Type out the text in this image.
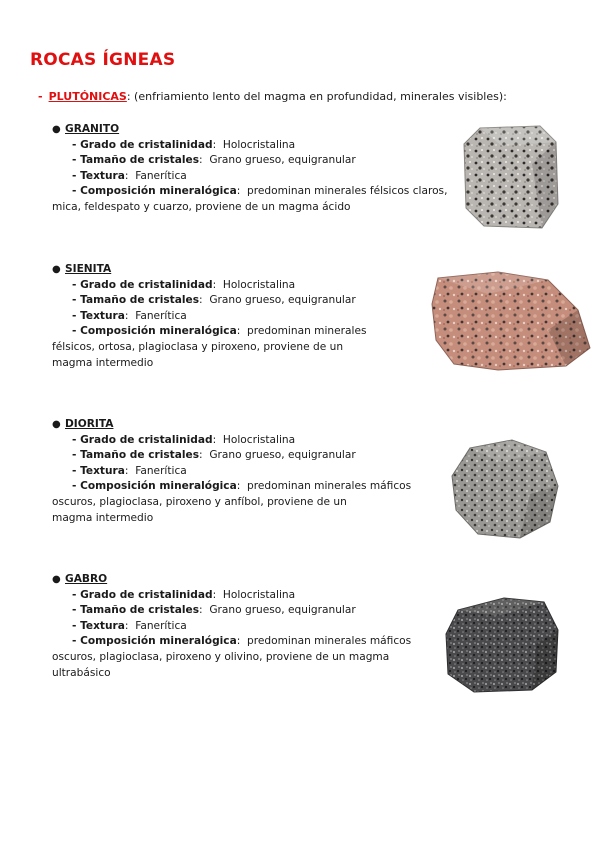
ROCAS ÍGNEAS
- PLUTÓNICAS: (enfriamiento lento del magma en profundidad, minerales visibles):
● GRANITO
- Grado de cristalinidad:  Holocristalina
- Tamaño de cristales:  Grano grueso, equigranular
- Textura:  Fanerítica
- Composición mineralógica:  predominan minerales félsicos claros,
mica, feldespato y cuarzo, proviene de un magma ácido
● SIENITA
- Grado de cristalinidad:  Holocristalina
- Tamaño de cristales:  Grano grueso, equigranular
- Textura:  Fanerítica
- Composición mineralógica:  predominan minerales
félsicos, ortosa, plagioclasa y piroxeno, proviene de un
magma intermedio
● DIORITA
- Grado de cristalinidad:  Holocristalina
- Tamaño de cristales:  Grano grueso, equigranular
- Textura:  Fanerítica
- Composición mineralógica:  predominan minerales máficos
oscuros, plagioclasa, piroxeno y anfíbol, proviene de un
magma intermedio
● GABRO
- Grado de cristalinidad:  Holocristalina
- Tamaño de cristales:  Grano grueso, equigranular
- Textura:  Fanerítica
- Composición mineralógica:  predominan minerales máficos
oscuros, plagioclasa, piroxeno y olivino, proviene de un magma
ultrabásico
